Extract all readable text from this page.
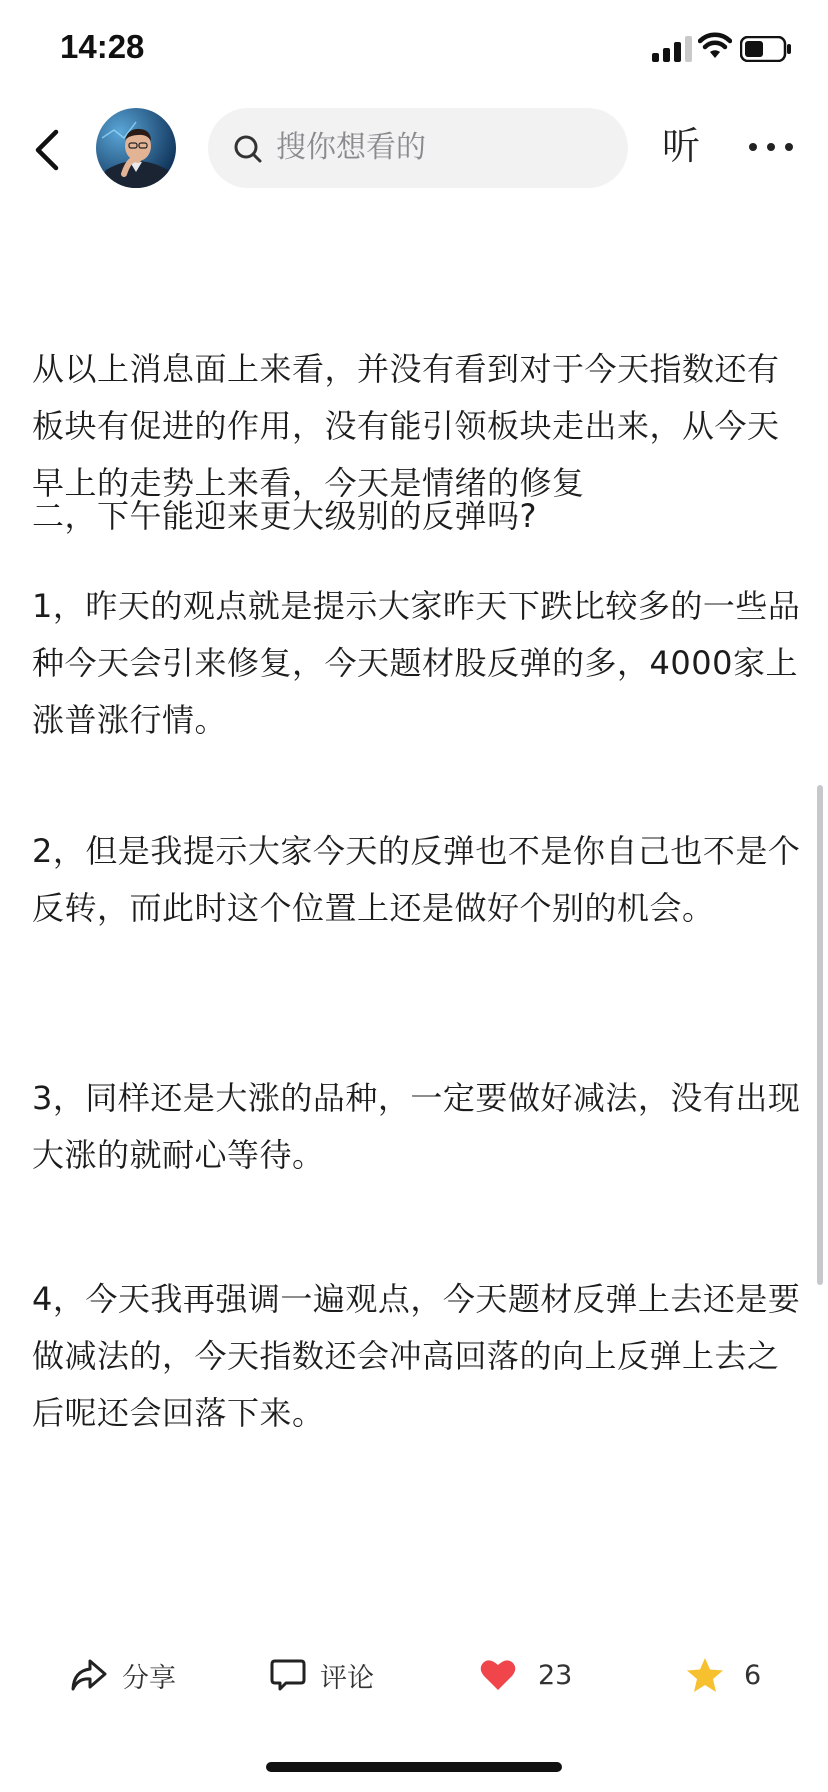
14:28

从以上消息面上来看，并没有看到对于今天指数还有板块有促进的作用，没有能引领板块走出来，从今天早上的走势上来看，今天是情绪的修复

二，下午能迎来更大级别的反弹吗?

1，昨天的观点就是提示大家昨天下跌比较多的一些品种今天会引来修复，今天题材股反弹的多，4000家上涨普涨行情。

2，但是我提示大家今天的反弹也不是你自己也不是个反转，而此时这个位置上还是做好个别的机会。

3，同样还是大涨的品种，一定要做好减法，没有出现大涨的就耐心等待。

4，今天我再强调一遍观点，今天题材反弹上去还是要做减法的，今天指数还会冲高回落的向上反弹上去之后呢还会回落下来。

搜你想看的	听
分享	评论	23	6
